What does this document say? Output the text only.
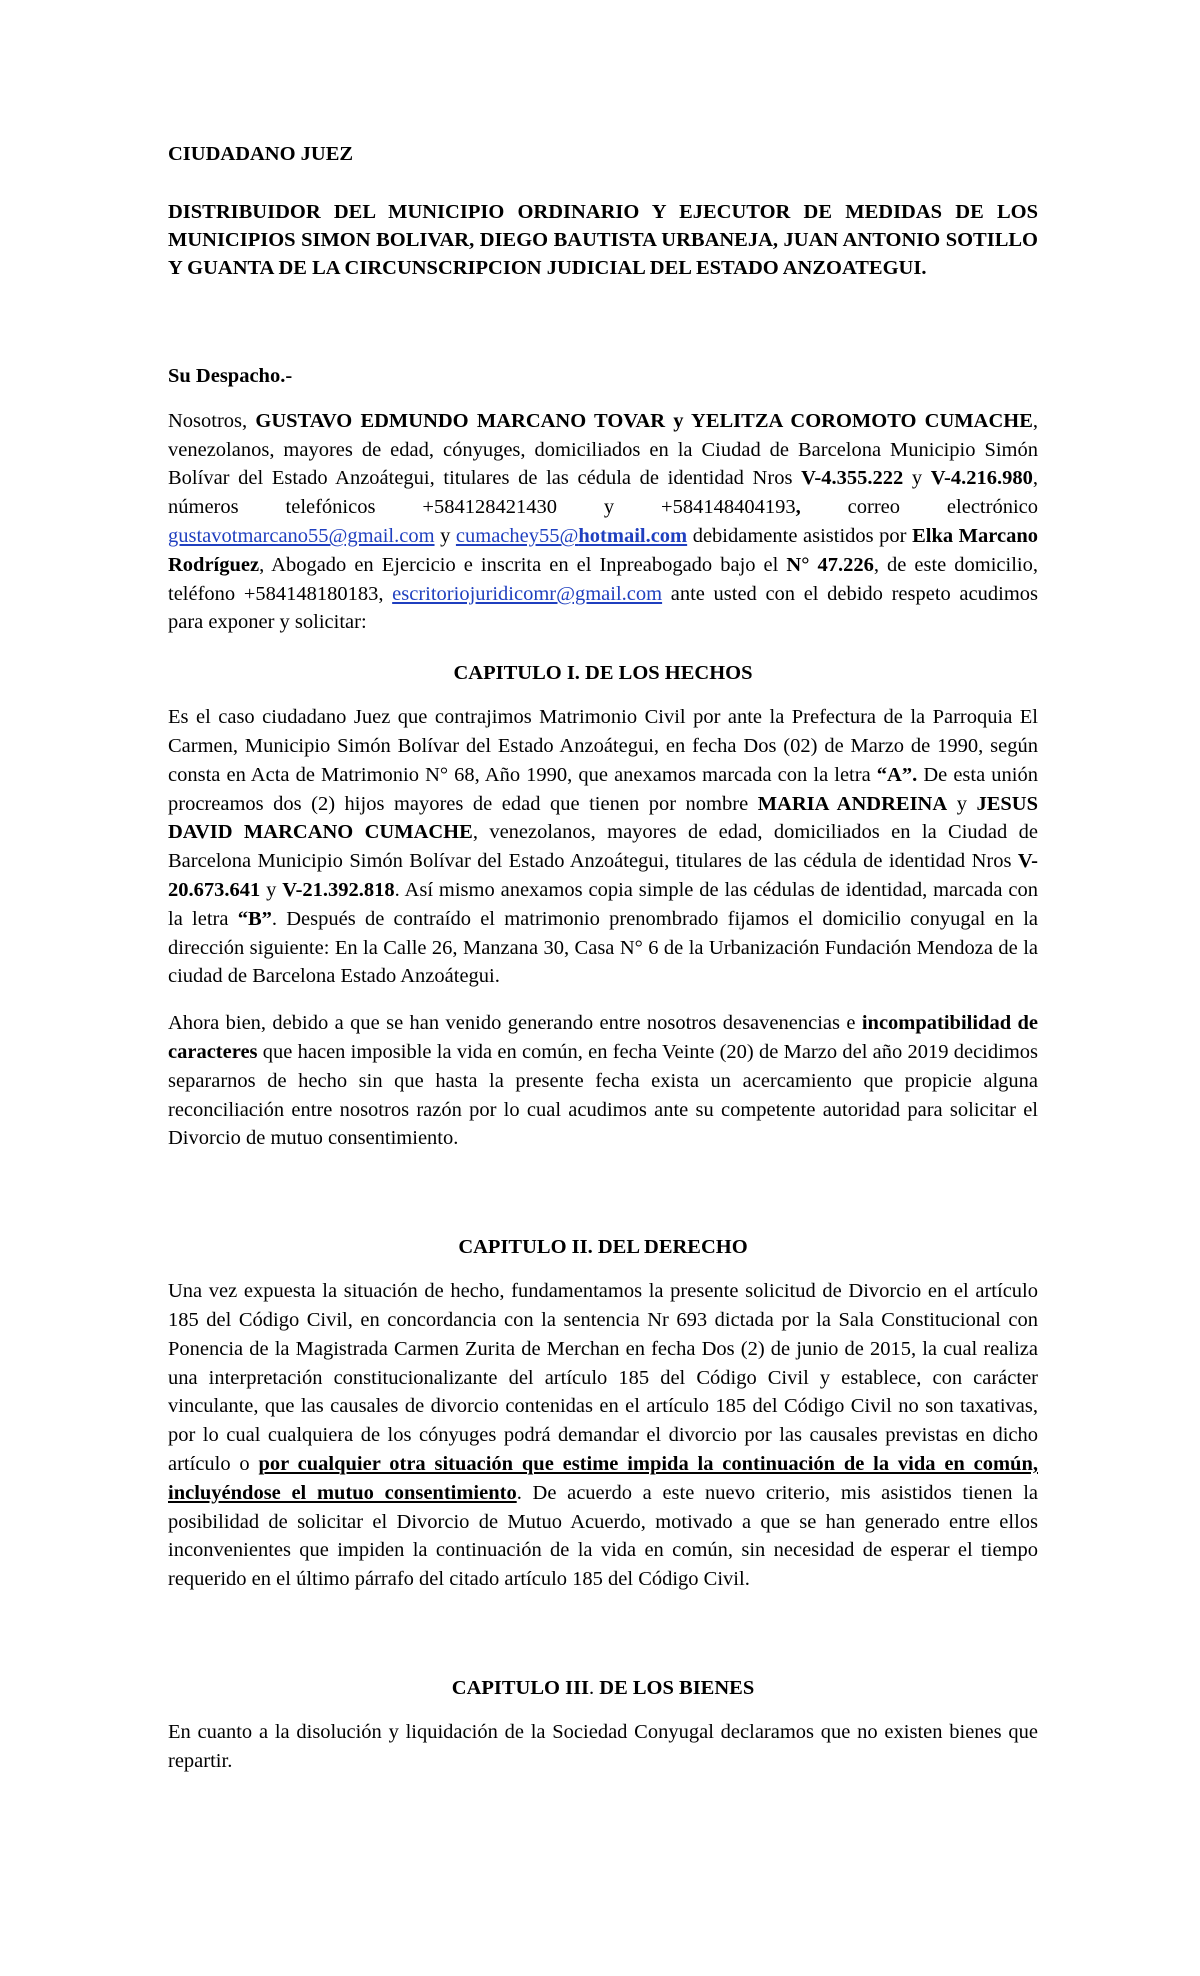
CIUDADANO JUEZ

DISTRIBUIDOR DEL MUNICIPIO ORDINARIO Y EJECUTOR DE MEDIDAS DE LOS MUNICIPIOS SIMON BOLIVAR, DIEGO BAUTISTA URBANEJA, JUAN ANTONIO SOTILLO Y GUANTA DE LA CIRCUNSCRIPCION JUDICIAL DEL ESTADO ANZOATEGUI.

Su Despacho.-

Nosotros, GUSTAVO EDMUNDO MARCANO TOVAR y YELITZA COROMOTO CUMACHE, venezolanos, mayores de edad, cónyuges, domiciliados en la Ciudad de Barcelona Municipio Simón Bolívar del Estado Anzoátegui, titulares de las cédula de identidad Nros V-4.355.222 y V-4.216.980, números telefónicos +584128421430 y +584148404193, correo electrónico gustavotmarcano55@gmail.com y cumachey55@hotmail.com debidamente asistidos por Elka Marcano Rodríguez, Abogado en Ejercicio e inscrita en el Inpreabogado bajo el N° 47.226, de este domicilio, teléfono +584148180183, escritoriojuridicomr@gmail.com ante usted con el debido respeto acudimos para exponer y solicitar:

CAPITULO I. DE LOS HECHOS

Es el caso ciudadano Juez que contrajimos Matrimonio Civil por ante la Prefectura de la Parroquia El Carmen, Municipio Simón Bolívar del Estado Anzoátegui, en fecha Dos (02) de Marzo de 1990, según consta en Acta de Matrimonio N° 68, Año 1990, que anexamos marcada con la letra “A”. De esta unión procreamos dos (2) hijos mayores de edad que tienen por nombre MARIA ANDREINA y JESUS DAVID MARCANO CUMACHE, venezolanos, mayores de edad, domiciliados en la Ciudad de Barcelona Municipio Simón Bolívar del Estado Anzoátegui, titulares de las cédula de identidad Nros V-20.673.641 y V-21.392.818. Así mismo anexamos copia simple de las cédulas de identidad, marcada con la letra “B”. Después de contraído el matrimonio prenombrado fijamos el domicilio conyugal en la dirección siguiente: En la Calle 26, Manzana 30, Casa N° 6 de la Urbanización Fundación Mendoza de la ciudad de Barcelona Estado Anzoátegui.

Ahora bien, debido a que se han venido generando entre nosotros desavenencias e incompatibilidad de caracteres que hacen imposible la vida en común, en fecha Veinte (20) de Marzo del año 2019 decidimos separarnos de hecho sin que hasta la presente fecha exista un acercamiento que propicie alguna reconciliación entre nosotros razón por lo cual acudimos ante su competente autoridad para solicitar el Divorcio de mutuo consentimiento.

CAPITULO II. DEL DERECHO

Una vez expuesta la situación de hecho, fundamentamos la presente solicitud de Divorcio en el artículo 185 del Código Civil, en concordancia con la sentencia Nr 693 dictada por la Sala Constitucional con Ponencia de la Magistrada Carmen Zurita de Merchan en fecha Dos (2) de junio de 2015, la cual realiza una interpretación constitucionalizante del artículo 185 del Código Civil y establece, con carácter vinculante, que las causales de divorcio contenidas en el artículo 185 del Código Civil no son taxativas, por lo cual cualquiera de los cónyuges podrá demandar el divorcio por las causales previstas en dicho artículo o por cualquier otra situación que estime impida la continuación de la vida en común, incluyéndose el mutuo consentimiento. De acuerdo a este nuevo criterio, mis asistidos tienen la posibilidad de solicitar el Divorcio de Mutuo Acuerdo, motivado a que se han generado entre ellos inconvenientes que impiden la continuación de la vida en común, sin necesidad de esperar el tiempo requerido en el último párrafo del citado artículo 185 del Código Civil.

CAPITULO III. DE LOS BIENES

En cuanto a la disolución y liquidación de la Sociedad Conyugal declaramos que no existen bienes que repartir.
